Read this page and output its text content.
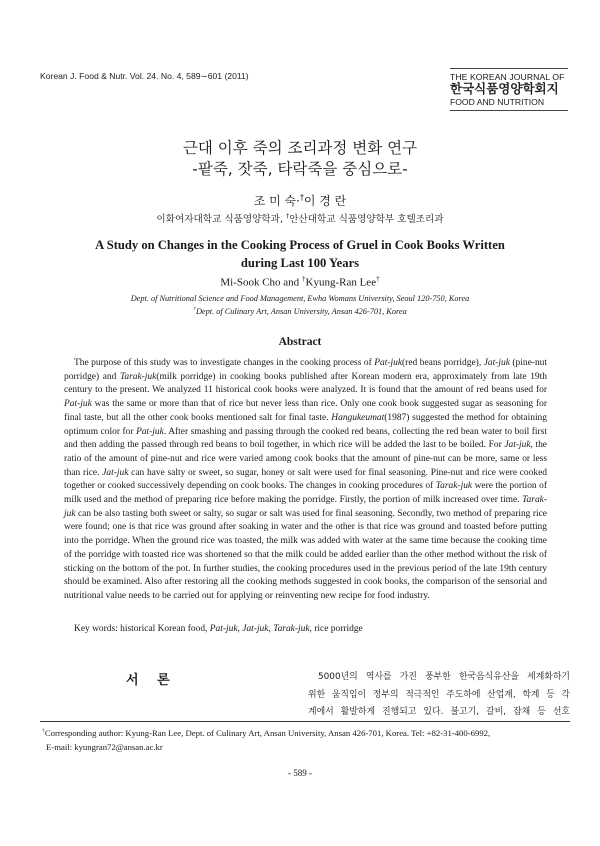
Korean J. Food & Nutr. Vol. 24. No. 4, 589∼601 (2011)	THE KOREAN JOURNAL OF
한국식품영양학회지
FOOD AND NUTRITION
근대 이후 죽의 조리과정 변화 연구
-팥죽, 잣죽, 타락죽을 중심으로-
조 미 숙·†이 경 란
이화여자대학교 식품영양학과, †안산대학교 식품영양학부 호텔조리과
A Study on Changes in the Cooking Process of Gruel in Cook Books Written
during Last 100 Years
Mi-Sook Cho and †Kyung-Ran Lee†
Dept. of Nutritional Science and Food Management, Ewha Womans University, Seoul 120-750, Korea
†Dept. of Culinary Art, Ansan University, Ansan 426-701, Korea
Abstract
The purpose of this study was to investigate changes in the cooking process of Pat-juk(red beans porridge), Jat-juk (pine-nut porridge) and Tarak-juk(milk porridge) in cooking books published after Korean modern era, approximately from late 19th century to the present. We analyzed 11 historical cook books were analyzed. It is found that the amount of red beans used for Pat-juk was the same or more than that of rice but never less than rice. Only one cook book suggested sugar as seasoning for final taste, but all the other cook books mentioned salt for final taste. Hangukeumat(1987) suggested the method for obtaining optimum color for Pat-juk. After smashing and passing through the cooked red beans, collecting the red bean water to boil first and then adding the passed through red beans to boil together, in which rice will be added the last to be boiled. For Jat-juk, the ratio of the amount of pine-nut and rice were varied among cook books that the amount of pine-nut can be more, same or less than rice. Jat-juk can have salty or sweet, so sugar, honey or salt were used for final seasoning. Pine-nut and rice were cooked together or cooked successively depending on cook books. The changes in cooking procedures of Tarak-juk were the portion of milk used and the method of preparing rice before making the porridge. Firstly, the portion of milk increased over time. Tarak-juk can be also tasting both sweet or salty, so sugar or salt was used for final seasoning. Secondly, two method of preparing rice were found; one is that rice was ground after soaking in water and the other is that rice was ground and toasted before putting into the porridge. When the ground rice was toasted, the milk was added with water at the same time because the cooking time of the porridge with toasted rice was shortened so that the milk could be added earlier than the other method without the risk of sticking on the bottom of the pot. In further studies, the cooking procedures used in the previous period of the late 19th century should be examined. Also after restoring all the cooking methods suggested in cook books, the comparison of the sensorial and nutritional value needs to be carried out for applying or reinventing new recipe for food industry.
Key words: historical Korean food, Pat-juk, Jat-juk, Tarak-juk, rice porridge
서 론	5000년의 역사를 가진 풍부한 한국음식유산을 세계화하기
위한 움직임이 정부의 적극적인 주도하에 산업계, 학계 등 각
계에서 활발하게 진행되고 있다. 불고기, 갈비, 잡채 등 선호
†Corresponding author: Kyung-Ran Lee, Dept. of Culinary Art, Ansan University, Ansan 426-701, Korea. Tel: +82-31-400-6992,
E-mail: kyungran72@ansan.ac.kr
- 589 -
